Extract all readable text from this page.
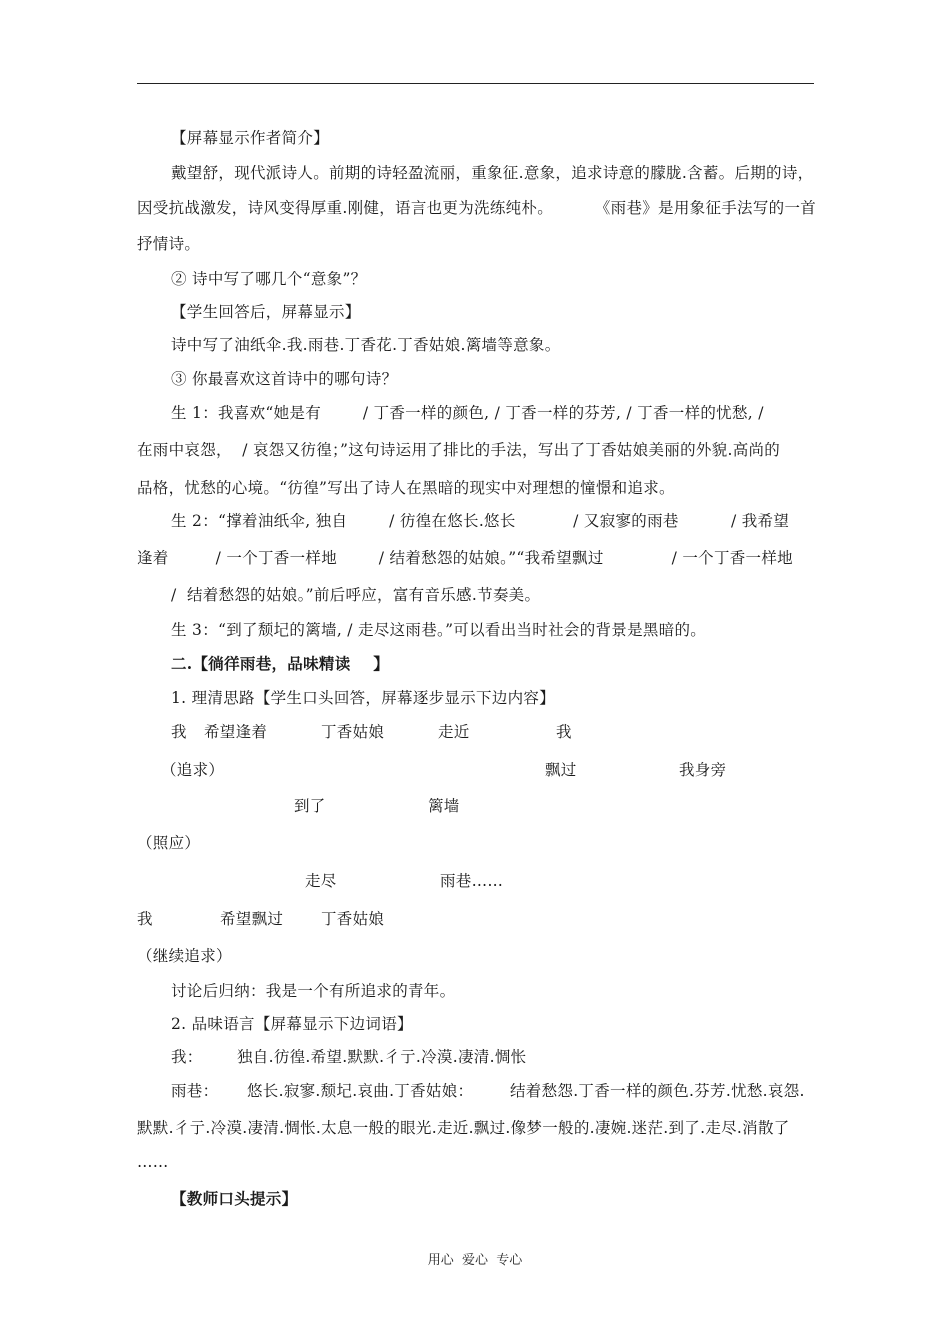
【屏幕显示作者简介】
戴望舒，现代派诗人。前期的诗轻盈流丽，重象征.意象，追求诗意的朦胧.含蓄。后期的诗，
因受抗战激发，诗风变得厚重.刚健，语言也更为洗练纯朴。        《雨巷》是用象征手法写的一首
抒情诗。
② 诗中写了哪几个“意象”？
【学生回答后，屏幕显示】
诗中写了油纸伞.我.雨巷.丁香花.丁香姑娘.篱墙等意象。
③ 你最喜欢这首诗中的哪句诗？
生 1：我喜欢“她是有        / 丁香一样的颜色, / 丁香一样的芬芳, / 丁香一样的忧愁, /
在雨中哀怨，  / 哀怨又彷徨；”这句诗运用了排比的手法，写出了丁香姑娘美丽的外貌.高尚的
品格，忧愁的心境。“彷徨”写出了诗人在黑暗的现实中对理想的憧憬和追求。
生 2：“撑着油纸伞, 独自        / 彷徨在悠长.悠长           / 又寂寥的雨巷          / 我希望
逢着         / 一个丁香一样地        / 结着愁怨的姑娘。”“我希望飘过             / 一个丁香一样地
/  结着愁怨的姑娘。”前后呼应，富有音乐感.节奏美。
生 3：“到了颓圮的篱墙, / 走尽这雨巷。”可以看出当时社会的背景是黑暗的。
二.【徜徉雨巷，品味精读    】
1. 理清思路【学生口头回答，屏幕逐步显示下边内容】
我 希望逢着	丁香姑娘	走近	我
（追求）	飘过	我身旁
到了	篱墙
（照应）
走尽	雨巷……
我	希望飘过 丁香姑娘
（继续追求）
讨论后归纳：我是一个有所追求的青年。
2. 品味语言【屏幕显示下边词语】
我： 独自.彷徨.希望.默默.彳亍.冷漠.凄清.惆怅
雨巷： 悠长.寂寥.颓圮.哀曲.丁香姑娘： 结着愁怨.丁香一样的颜色.芬芳.忧愁.哀怨.
默默.彳亍.冷漠.凄清.惆怅.太息一般的眼光.走近.飘过.像梦一般的.凄婉.迷茫.到了.走尽.消散了
……
【教师口头提示】
用心  爱心  专心
